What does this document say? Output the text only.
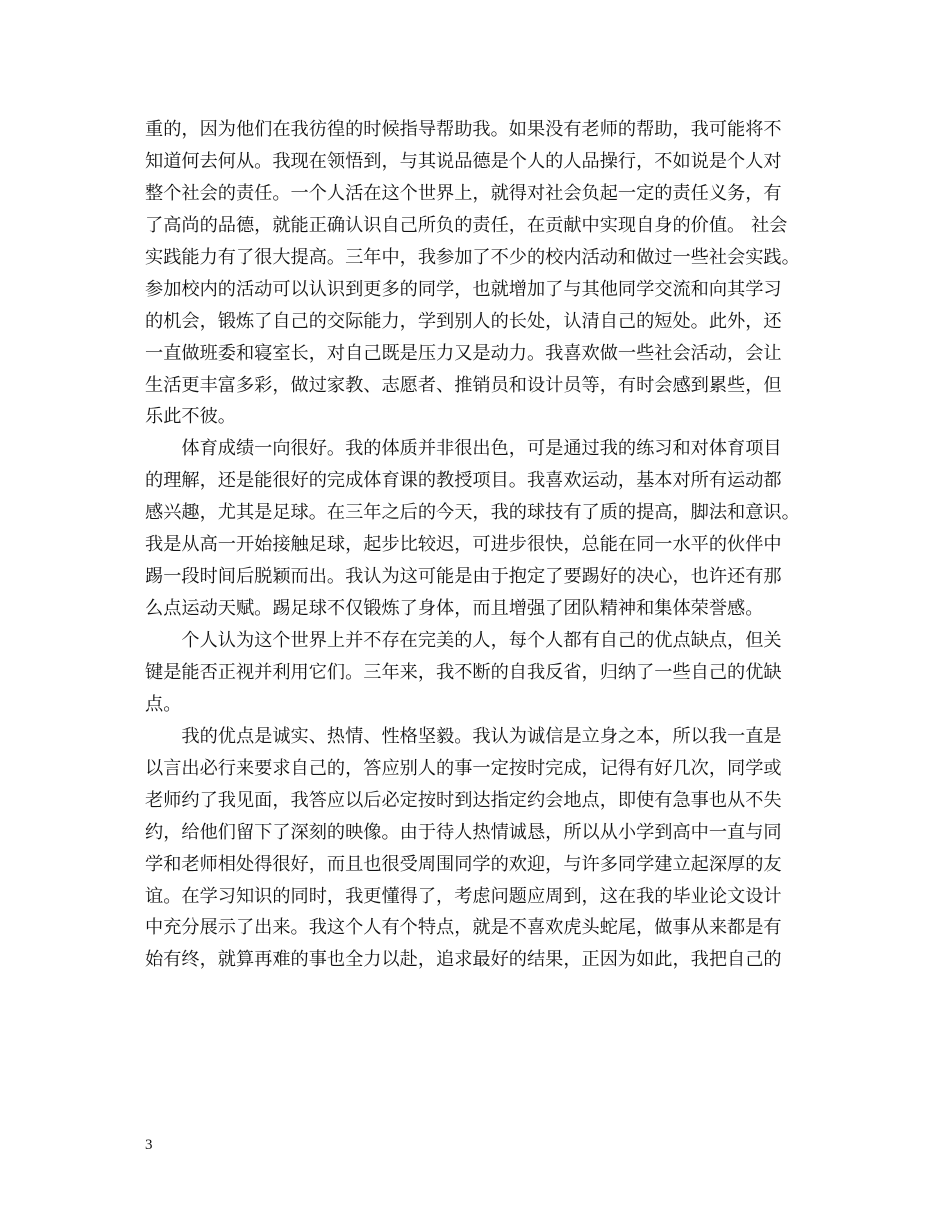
重的，因为他们在我彷徨的时候指导帮助我。如果没有老师的帮助，我可能将不
知道何去何从。我现在领悟到，与其说品德是个人的人品操行，不如说是个人对
整个社会的责任。一个人活在这个世界上，就得对社会负起一定的责任义务，有
了高尚的品德，就能正确认识自己所负的责任，在贡献中实现自身的价值。 社会
实践能力有了很大提高。三年中，我参加了不少的校内活动和做过一些社会实践。
参加校内的活动可以认识到更多的同学，也就增加了与其他同学交流和向其学习
的机会，锻炼了自己的交际能力，学到别人的长处，认清自己的短处。此外，还
一直做班委和寝室长，对自己既是压力又是动力。我喜欢做一些社会活动，会让
生活更丰富多彩，做过家教、志愿者、推销员和设计员等，有时会感到累些，但
乐此不彼。
　　体育成绩一向很好。我的体质并非很出色，可是通过我的练习和对体育项目
的理解，还是能很好的完成体育课的教授项目。我喜欢运动，基本对所有运动都
感兴趣，尤其是足球。在三年之后的今天，我的球技有了质的提高，脚法和意识。
我是从高一开始接触足球，起步比较迟，可进步很快，总能在同一水平的伙伴中
踢一段时间后脱颖而出。我认为这可能是由于抱定了要踢好的决心，也许还有那
么点运动天赋。踢足球不仅锻炼了身体，而且增强了团队精神和集体荣誉感。
　　个人认为这个世界上并不存在完美的人，每个人都有自己的优点缺点，但关
键是能否正视并利用它们。三年来，我不断的自我反省，归纳了一些自己的优缺
点。
　　我的优点是诚实、热情、性格坚毅。我认为诚信是立身之本，所以我一直是
以言出必行来要求自己的，答应别人的事一定按时完成，记得有好几次，同学或
老师约了我见面，我答应以后必定按时到达指定约会地点，即使有急事也从不失
约，给他们留下了深刻的映像。由于待人热情诚恳，所以从小学到高中一直与同
学和老师相处得很好，而且也很受周围同学的欢迎，与许多同学建立起深厚的友
谊。在学习知识的同时，我更懂得了，考虑问题应周到，这在我的毕业论文设计
中充分展示了出来。我这个人有个特点，就是不喜欢虎头蛇尾，做事从来都是有
始有终，就算再难的事也全力以赴，追求最好的结果，正因为如此，我把自己的
3
